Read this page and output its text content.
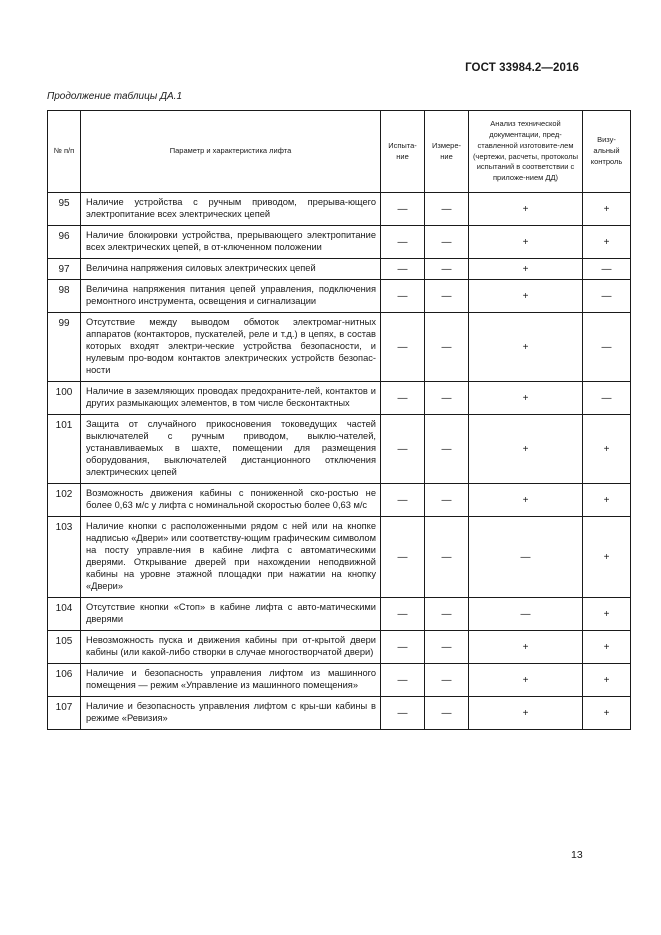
ГОСТ 33984.2—2016
Продолжение таблицы ДА.1
№ п/п	Параметр и характеристика лифта	Испыта-ние	Измере-ние	Анализ технической документации, пред-ставленной изготовите-лем (чертежи, расчеты, протоколы испытаний в соответствии с приложе-нием ДД)	Визу-альный контроль
95	Наличие устройства с ручным приводом, прерыва-ющего электропитание всех электрических цепей	—	—	+	+
96	Наличие блокировки устройства, прерывающего электропитание всех электрических цепей, в от-ключенном положении	—	—	+	+
97	Величина напряжения силовых электрических цепей	—	—	+	—
98	Величина напряжения питания цепей управления, подключения ремонтного инструмента, освещения и сигнализации	—	—	+	—
99	Отсутствие между выводом обмоток электромаг-нитных аппаратов (контакторов, пускателей, реле и т.д.) в цепях, в состав которых входят электри-ческие устройства безопасности, и нулевым про-водом контактов электрических устройств безопас-ности	—	—	+	—
100	Наличие в заземляющих проводах предохраните-лей, контактов и других размыкающих элементов, в том числе бесконтактных	—	—	+	—
101	Защита от случайного прикосновения токоведущих частей выключателей с ручным приводом, выклю-чателей, устанавливаемых в шахте, помещении для размещения оборудования, выключателей дистанционного отключения электрических цепей	—	—	+	+
102	Возможность движения кабины с пониженной ско-ростью не более 0,63 м/с у лифта с номинальной скоростью более 0,63 м/с	—	—	+	+
103	Наличие кнопки с расположенными рядом с ней или на кнопке надписью «Двери» или соответству-ющим графическим символом на посту управле-ния в кабине лифта с автоматическими дверями. Открывание дверей при нахождении неподвижной кабины на уровне этажной площадки при нажатии на кнопку «Двери»	—	—	—	+
104	Отсутствие кнопки «Стоп» в кабине лифта с авто-матическими дверями	—	—	—	+
105	Невозможность пуска и движения кабины при от-крытой двери кабины (или какой-либо створки в случае многостворчатой двери)	—	—	+	+
106	Наличие и безопасность управления лифтом из машинного помещения — режим «Управление из машинного помещения»	—	—	+	+
107	Наличие и безопасность управления лифтом с кры-ши кабины в режиме «Ревизия»	—	—	+	+
13
